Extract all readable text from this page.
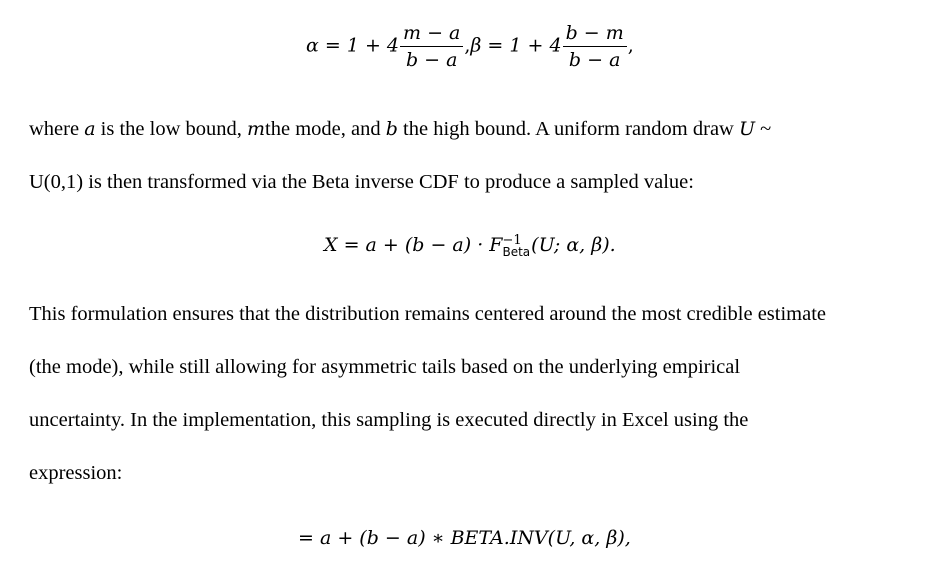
$\alpha = 1 + 4 \frac{m - a}{b - a} ,\beta = 1 + 4 \frac{b - m}{b - a}$ ,
where a is the low bound, mthe mode, and b the high bound. A uniform random draw U ~
U(0,1) is then transformed via the Beta inverse CDF to produce a sampled value:
X = a + (b − a) · F −1
Beta (U; α, β).
This formulation ensures that the distribution remains centered around the most credible estimate
(the mode), while still allowing for asymmetric tails based on the underlying empirical
uncertainty. In the implementation, this sampling is executed directly in Excel using the
expression:
= a + (b − a) ∗ BETA.INV(U, α, β),
